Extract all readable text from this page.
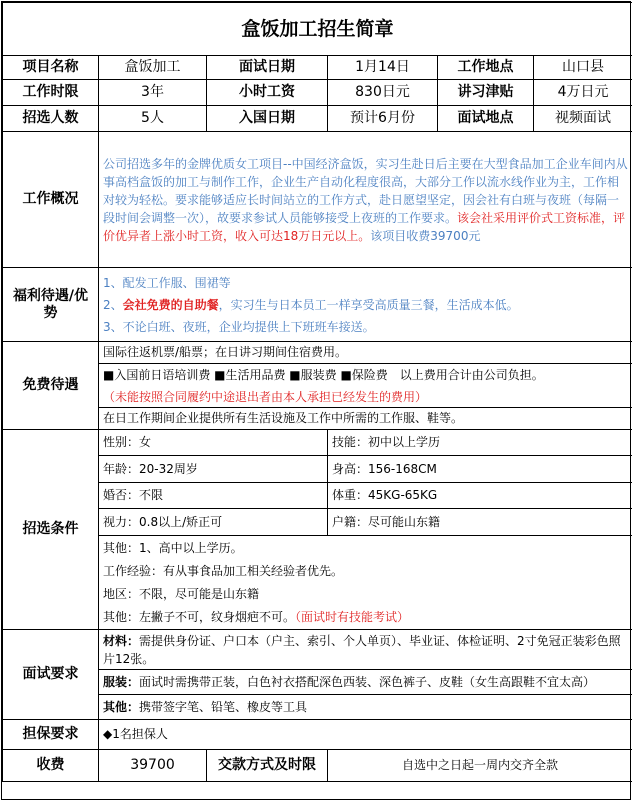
盒饭加工招生简章					
项目名称	盒饭加工	面试日期	1月14日	工作地点	山口县
工作时限	3年	小时工资	830日元	讲习津贴	4万日元
招选人数	5人	入国日期	预计6月份	面试地点	视频面试
工作概况	公司招选多年的金牌优质女工项目--中国经济盒饭，实习生赴日后主要在大型食品加工企业车间内从事高档盒饭的加工与制作工作，企业生产自动化程度很高，大部分工作以流水线作业为主，工作相对较为轻松。要求能够适应长时间站立的工作方式，赴日愿望坚定，因会社有白班与夜班（每隔一段时间会调整一次），故要求参试人员能够接受上夜班的工作要求。该会社采用评价式工资标准，评价优异者上涨小时工资，收入可达18万日元以上。该项目收费39700元				
福利待遇/优势	1、配发工作服、围裙等
2、会社免费的自助餐，实习生与日本员工一样享受高质量三餐，生活成本低。
3、不论白班、夜班，企业均提供上下班班车接送。				

免费待遇	国际往返机票/船票；在日讲习期间住宿费用。				
	■入国前日语培训费 ■生活用品费 ■服装费 ■保险费　以上费用合计由公司负担。				
	（未能按照合同履约中途退出者由本人承担已经发生的费用）				
	在日工作期间企业提供所有生活设施及工作中所需的工作服、鞋等。				
招选条件	性别：女		技能：初中以上学历		
	年龄：20-32周岁		身高：156-168CM		
	婚否：不限		体重：45KG-65KG		
	视力：0.8以上/矫正可		户籍：尽可能山东籍		

	其他：1、高中以上学历。
工作经验：有从事食品加工相关经验者优先。
地区：不限，尽可能是山东籍
其他：左撇子不可，纹身烟疤不可。（面试时有技能考试）				

面试要求	材料：需提供身份证、户口本（户主、索引、个人单页）、毕业证、体检证明、2寸免冠正装彩色照片12张。				
	服装：面试时需携带正装，白色衬衣搭配深色西装、深色裤子、皮鞋（女生高跟鞋不宜太高）				
	其他：携带签字笔、铅笔、橡皮等工具				
担保要求	◆1名担保人				
收费	39700	交款方式及时限	自选中之日起一周内交齐全款		
